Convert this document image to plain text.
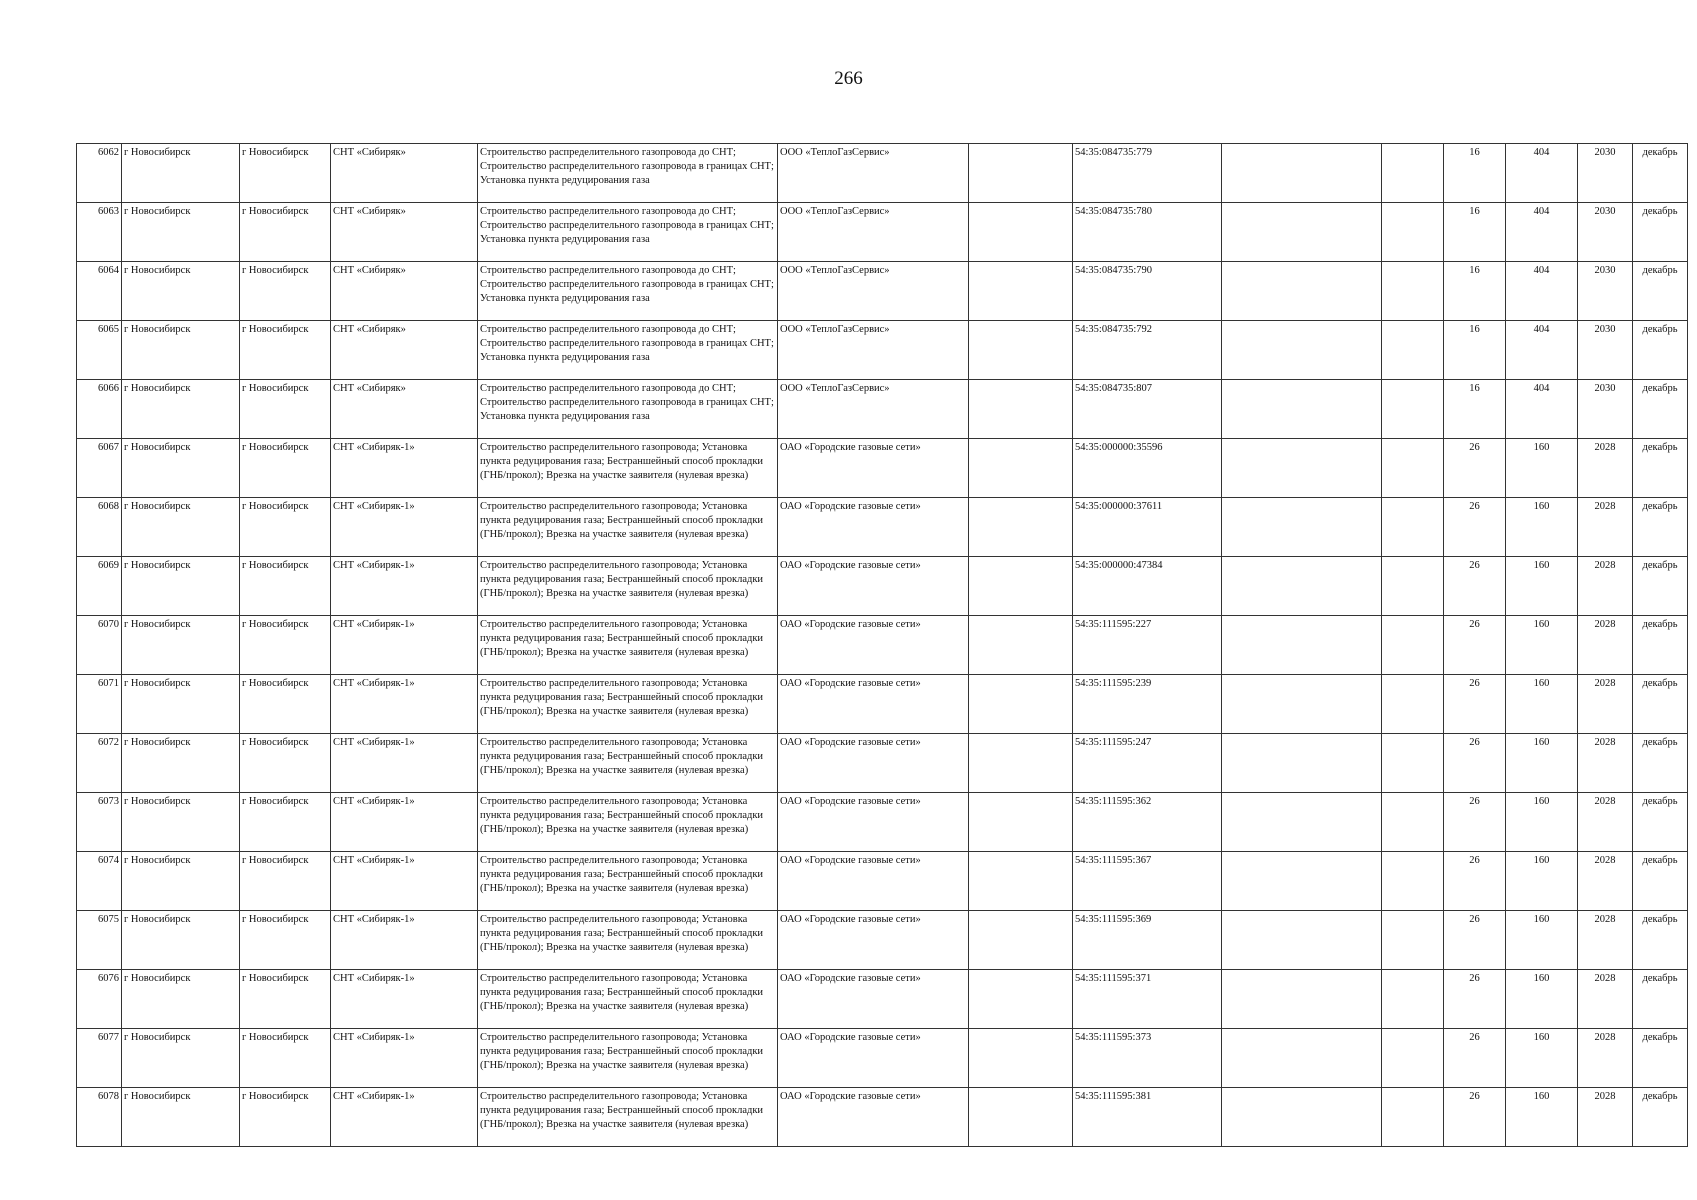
266
6062	г Новосибирск	г Новосибирск	СНТ «Сибиряк»	Строительство распределительного газопровода до СНТ; Строительство распределительного газопровода в границах СНТ; Установка пункта редуцирования газа	ООО «ТеплоГазСервис»		54:35:084735:779			16	404	2030	декабрь
6063	г Новосибирск	г Новосибирск	СНТ «Сибиряк»	Строительство распределительного газопровода до СНТ; Строительство распределительного газопровода в границах СНТ; Установка пункта редуцирования газа	ООО «ТеплоГазСервис»		54:35:084735:780			16	404	2030	декабрь
6064	г Новосибирск	г Новосибирск	СНТ «Сибиряк»	Строительство распределительного газопровода до СНТ; Строительство распределительного газопровода в границах СНТ; Установка пункта редуцирования газа	ООО «ТеплоГазСервис»		54:35:084735:790			16	404	2030	декабрь
6065	г Новосибирск	г Новосибирск	СНТ «Сибиряк»	Строительство распределительного газопровода до СНТ; Строительство распределительного газопровода в границах СНТ; Установка пункта редуцирования газа	ООО «ТеплоГазСервис»		54:35:084735:792			16	404	2030	декабрь
6066	г Новосибирск	г Новосибирск	СНТ «Сибиряк»	Строительство распределительного газопровода до СНТ; Строительство распределительного газопровода в границах СНТ; Установка пункта редуцирования газа	ООО «ТеплоГазСервис»		54:35:084735:807			16	404	2030	декабрь
6067	г Новосибирск	г Новосибирск	СНТ «Сибиряк-1»	Строительство распределительного газопровода; Установка пункта редуцирования газа; Бестраншейный способ прокладки (ГНБ/прокол); Врезка на участке заявителя (нулевая врезка)	ОАО «Городские газовые сети»		54:35:000000:35596			26	160	2028	декабрь
6068	г Новосибирск	г Новосибирск	СНТ «Сибиряк-1»	Строительство распределительного газопровода; Установка пункта редуцирования газа; Бестраншейный способ прокладки (ГНБ/прокол); Врезка на участке заявителя (нулевая врезка)	ОАО «Городские газовые сети»		54:35:000000:37611			26	160	2028	декабрь
6069	г Новосибирск	г Новосибирск	СНТ «Сибиряк-1»	Строительство распределительного газопровода; Установка пункта редуцирования газа; Бестраншейный способ прокладки (ГНБ/прокол); Врезка на участке заявителя (нулевая врезка)	ОАО «Городские газовые сети»		54:35:000000:47384			26	160	2028	декабрь
6070	г Новосибирск	г Новосибирск	СНТ «Сибиряк-1»	Строительство распределительного газопровода; Установка пункта редуцирования газа; Бестраншейный способ прокладки (ГНБ/прокол); Врезка на участке заявителя (нулевая врезка)	ОАО «Городские газовые сети»		54:35:111595:227			26	160	2028	декабрь
6071	г Новосибирск	г Новосибирск	СНТ «Сибиряк-1»	Строительство распределительного газопровода; Установка пункта редуцирования газа; Бестраншейный способ прокладки (ГНБ/прокол); Врезка на участке заявителя (нулевая врезка)	ОАО «Городские газовые сети»		54:35:111595:239			26	160	2028	декабрь
6072	г Новосибирск	г Новосибирск	СНТ «Сибиряк-1»	Строительство распределительного газопровода; Установка пункта редуцирования газа; Бестраншейный способ прокладки (ГНБ/прокол); Врезка на участке заявителя (нулевая врезка)	ОАО «Городские газовые сети»		54:35:111595:247			26	160	2028	декабрь
6073	г Новосибирск	г Новосибирск	СНТ «Сибиряк-1»	Строительство распределительного газопровода; Установка пункта редуцирования газа; Бестраншейный способ прокладки (ГНБ/прокол); Врезка на участке заявителя (нулевая врезка)	ОАО «Городские газовые сети»		54:35:111595:362			26	160	2028	декабрь
6074	г Новосибирск	г Новосибирск	СНТ «Сибиряк-1»	Строительство распределительного газопровода; Установка пункта редуцирования газа; Бестраншейный способ прокладки (ГНБ/прокол); Врезка на участке заявителя (нулевая врезка)	ОАО «Городские газовые сети»		54:35:111595:367			26	160	2028	декабрь
6075	г Новосибирск	г Новосибирск	СНТ «Сибиряк-1»	Строительство распределительного газопровода; Установка пункта редуцирования газа; Бестраншейный способ прокладки (ГНБ/прокол); Врезка на участке заявителя (нулевая врезка)	ОАО «Городские газовые сети»		54:35:111595:369			26	160	2028	декабрь
6076	г Новосибирск	г Новосибирск	СНТ «Сибиряк-1»	Строительство распределительного газопровода; Установка пункта редуцирования газа; Бестраншейный способ прокладки (ГНБ/прокол); Врезка на участке заявителя (нулевая врезка)	ОАО «Городские газовые сети»		54:35:111595:371			26	160	2028	декабрь
6077	г Новосибирск	г Новосибирск	СНТ «Сибиряк-1»	Строительство распределительного газопровода; Установка пункта редуцирования газа; Бестраншейный способ прокладки (ГНБ/прокол); Врезка на участке заявителя (нулевая врезка)	ОАО «Городские газовые сети»		54:35:111595:373			26	160	2028	декабрь
6078	г Новосибирск	г Новосибирск	СНТ «Сибиряк-1»	Строительство распределительного газопровода; Установка пункта редуцирования газа; Бестраншейный способ прокладки (ГНБ/прокол); Врезка на участке заявителя (нулевая врезка)	ОАО «Городские газовые сети»		54:35:111595:381			26	160	2028	декабрь
